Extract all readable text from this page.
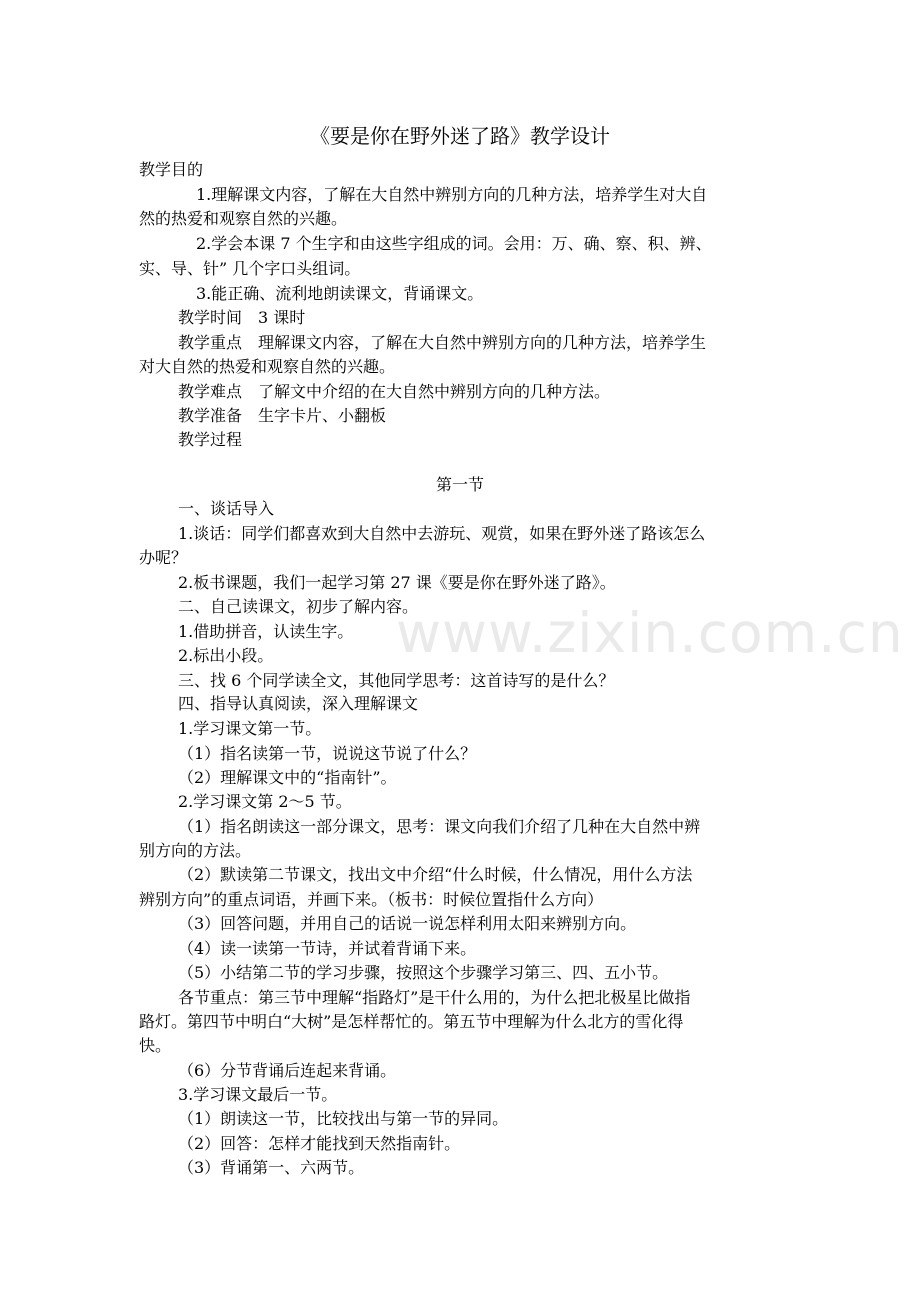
www.zixin.com.cn
《要是你在野外迷了路》教学设计
教学目的
1.理解课文内容，了解在大自然中辨别方向的几种方法，培养学生对大自
然的热爱和观察自然的兴趣。
2.学会本课 7 个生字和由这些字组成的词。会用：万、确、察、积、辨、
实、导、针” 几个字口头组词。
3.能正确、流利地朗读课文，背诵课文。
教学时间　3 课时
教学重点　理解课文内容，了解在大自然中辨别方向的几种方法，培养学生
对大自然的热爱和观察自然的兴趣。
教学难点　了解文中介绍的在大自然中辨别方向的几种方法。
教学准备　生字卡片、小翻板
教学过程
第一节
一、谈话导入
1.谈话：同学们都喜欢到大自然中去游玩、观赏，如果在野外迷了路该怎么
办呢？
2.板书课题，我们一起学习第 27 课《要是你在野外迷了路》。
二、自己读课文，初步了解内容。
1.借助拼音，认读生字。
2.标出小段。
三、找 6 个同学读全文，其他同学思考：这首诗写的是什么？
四、指导认真阅读，深入理解课文
1.学习课文第一节。
（1）指名读第一节，说说这节说了什么？
（2）理解课文中的“指南针”。
2.学习课文第 2～5 节。
（1）指名朗读这一部分课文，思考：课文向我们介绍了几种在大自然中辨
别方向的方法。
（2）默读第二节课文，找出文中介绍“什么时候，什么情况，用什么方法
辨别方向”的重点词语，并画下来。（板书：时候位置指什么方向）
（3）回答问题，并用自己的话说一说怎样利用太阳来辨别方向。
（4）读一读第一节诗，并试着背诵下来。
（5）小结第二节的学习步骤，按照这个步骤学习第三、四、五小节。
各节重点：第三节中理解“指路灯”是干什么用的，为什么把北极星比做指
路灯。第四节中明白“大树”是怎样帮忙的。第五节中理解为什么北方的雪化得
快。
（6）分节背诵后连起来背诵。
3.学习课文最后一节。
（1）朗读这一节，比较找出与第一节的异同。
（2）回答：怎样才能找到天然指南针。
（3）背诵第一、六两节。
